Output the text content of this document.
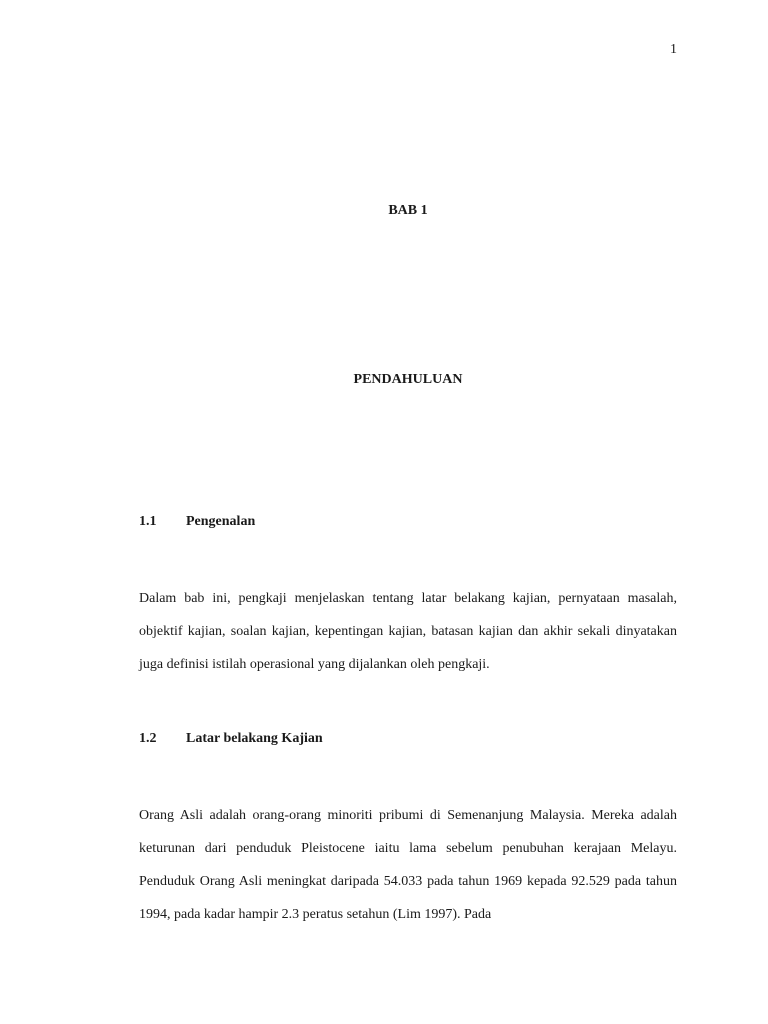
1
BAB 1
PENDAHULUAN
1.1 Pengenalan

Dalam bab ini, pengkaji menjelaskan tentang latar belakang kajian, pernyataan masalah, objektif kajian, soalan kajian, kepentingan kajian, batasan kajian dan akhir sekali dinyatakan juga definisi istilah operasional yang dijalankan oleh pengkaji.

1.2 Latar belakang Kajian

Orang Asli adalah orang-orang minoriti pribumi di Semenanjung Malaysia. Mereka adalah keturunan dari penduduk Pleistocene iaitu lama sebelum penubuhan kerajaan Melayu. Penduduk Orang Asli meningkat daripada 54.033 pada tahun 1969 kepada 92.529 pada tahun 1994, pada kadar hampir 2.3 peratus setahun (Lim 1997). Pada
